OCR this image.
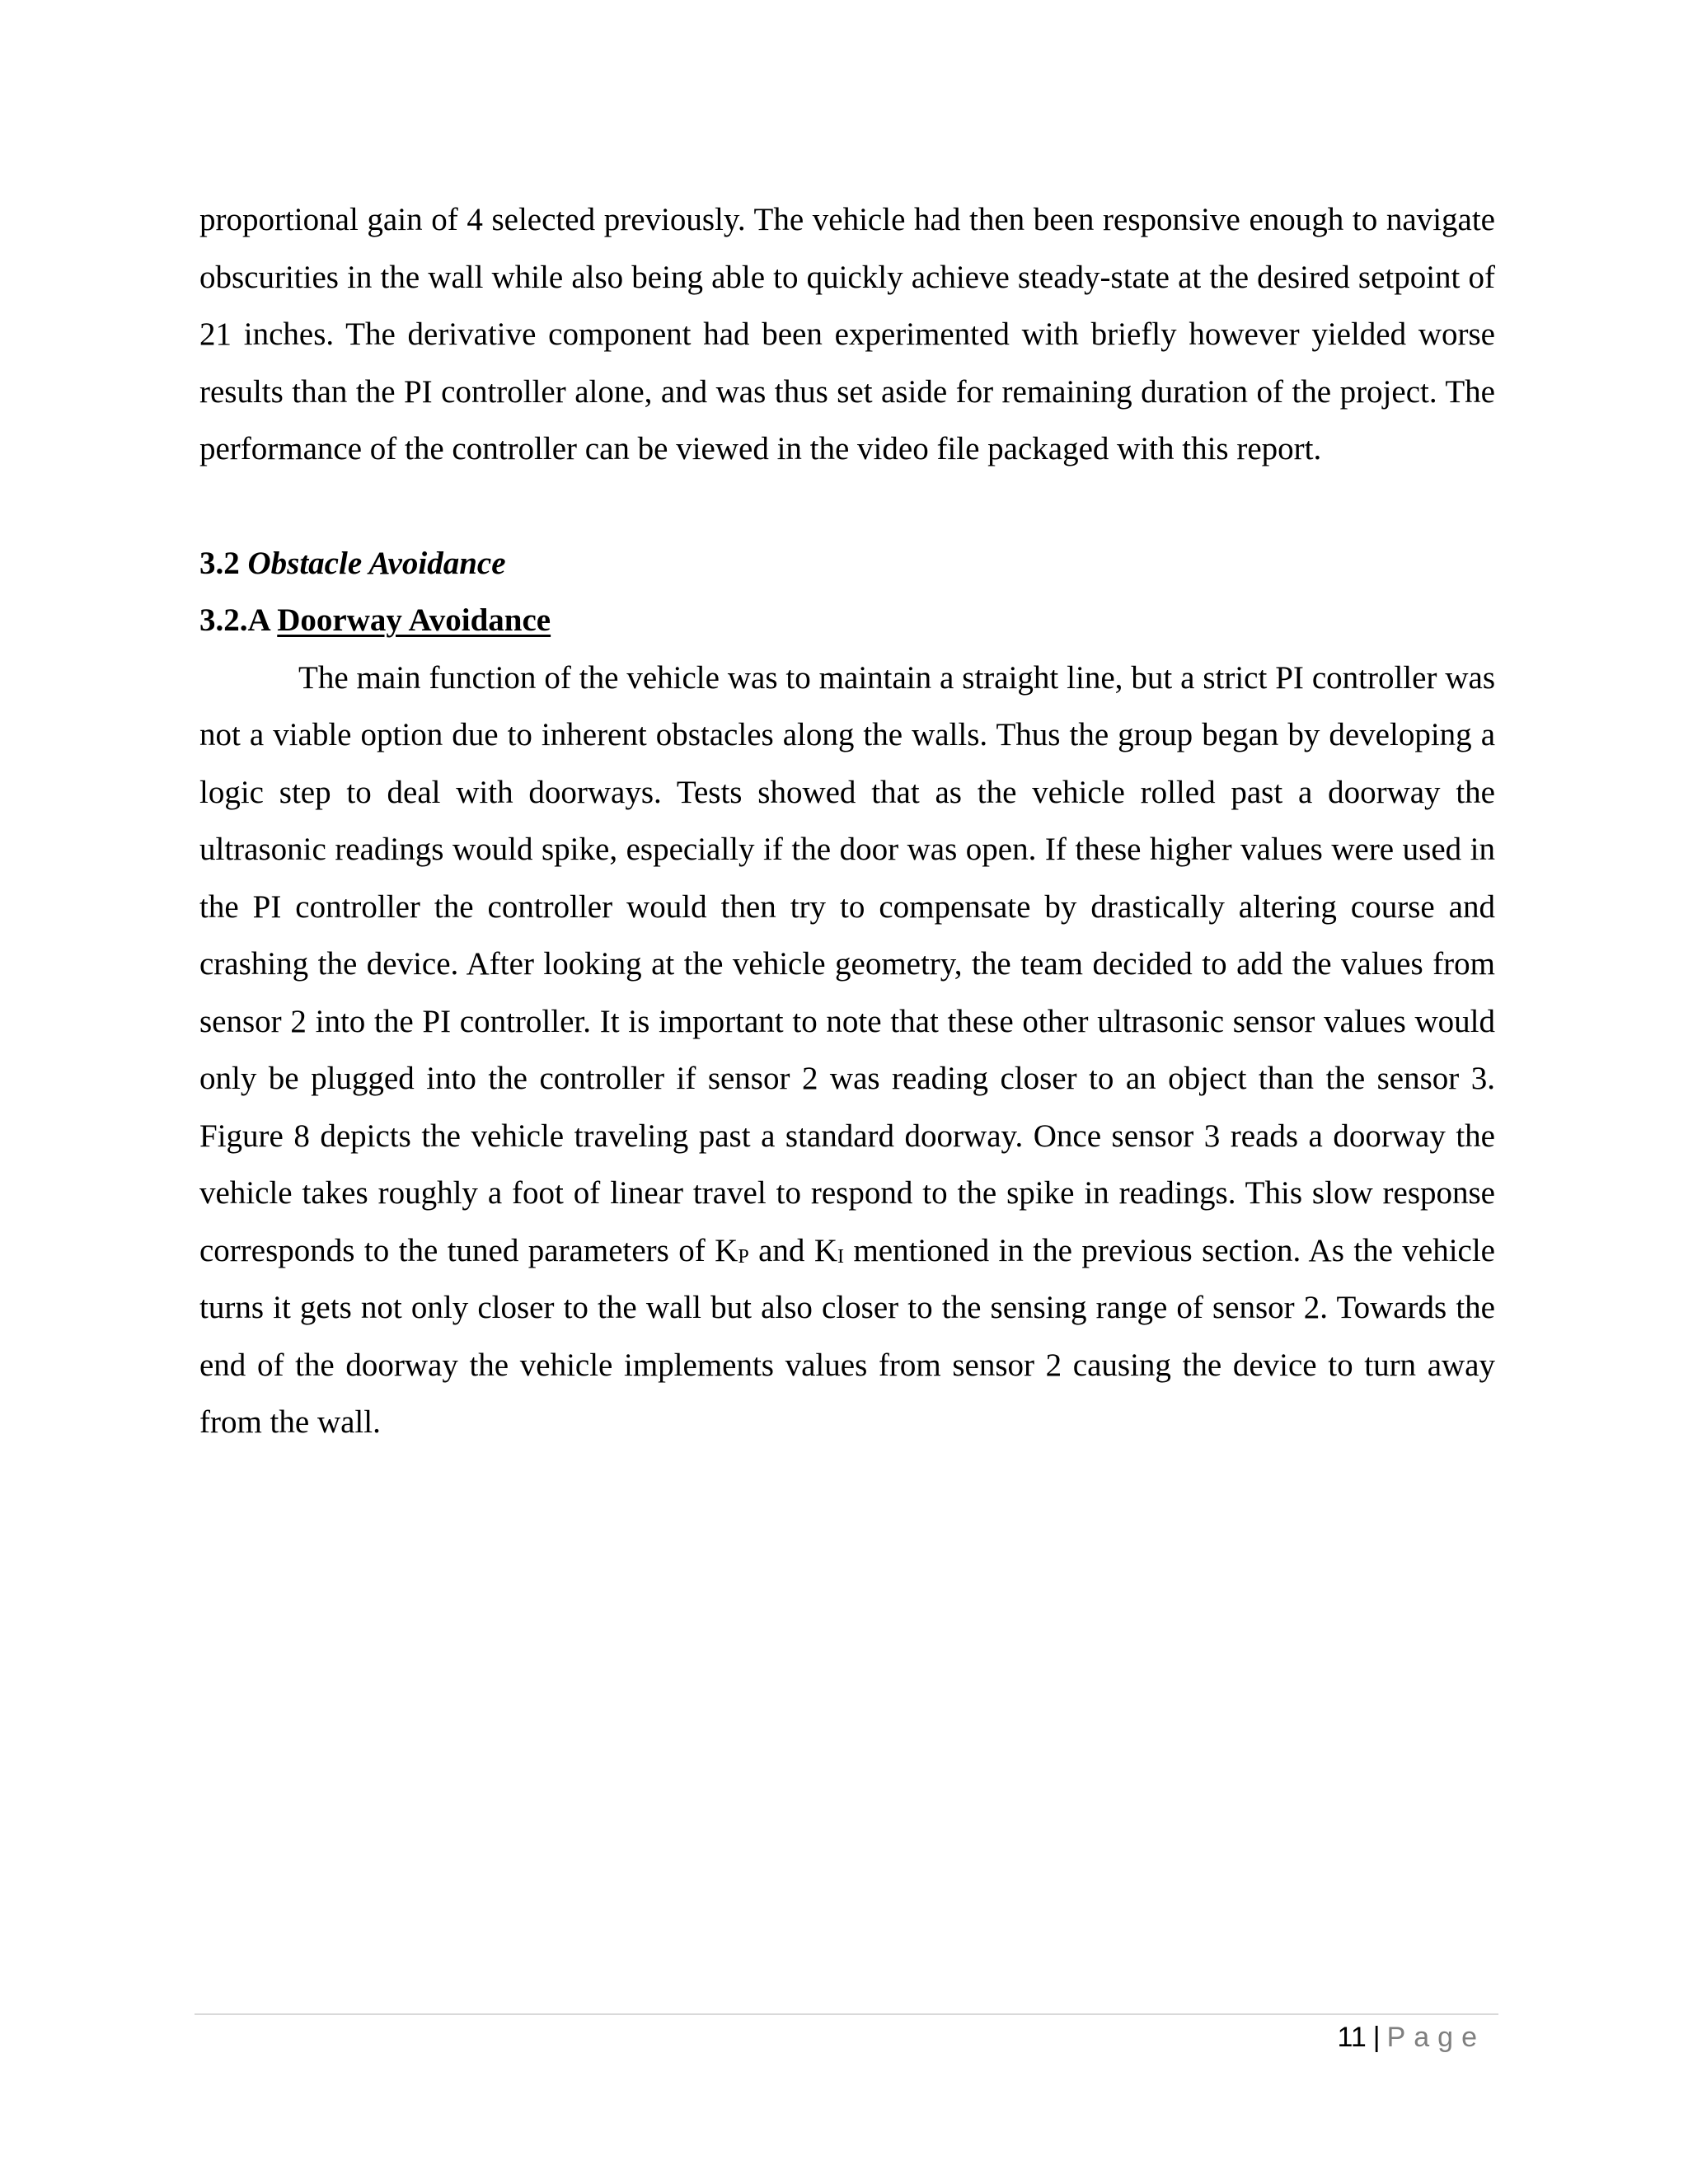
proportional gain of 4 selected previously. The vehicle had then been responsive enough to navigate obscurities in the wall while also being able to quickly achieve steady-state at the desired setpoint of 21 inches. The derivative component had been experimented with briefly however yielded worse results than the PI controller alone, and was thus set aside for remaining duration of the project. The performance of the controller can be viewed in the video file packaged with this report.

3.2 Obstacle Avoidance
3.2.A Doorway Avoidance

The main function of the vehicle was to maintain a straight line, but a strict PI controller was not a viable option due to inherent obstacles along the walls. Thus the group began by developing a logic step to deal with doorways. Tests showed that as the vehicle rolled past a doorway the ultrasonic readings would spike, especially if the door was open. If these higher values were used in the PI controller the controller would then try to compensate by drastically altering course and crashing the device. After looking at the vehicle geometry, the team decided to add the values from sensor 2 into the PI controller. It is important to note that these other ultrasonic sensor values would only be plugged into the controller if sensor 2 was reading closer to an object than the sensor 3. Figure 8 depicts the vehicle traveling past a standard doorway. Once sensor 3 reads a doorway the vehicle takes roughly a foot of linear travel to respond to the spike in readings. This slow response corresponds to the tuned parameters of $K_P$ and $K_I$ mentioned in the previous section. As the vehicle turns it gets not only closer to the wall but also closer to the sensing range of sensor 2. Towards the end of the doorway the vehicle implements values from sensor 2 causing the device to turn away from the wall.

11 | Page
